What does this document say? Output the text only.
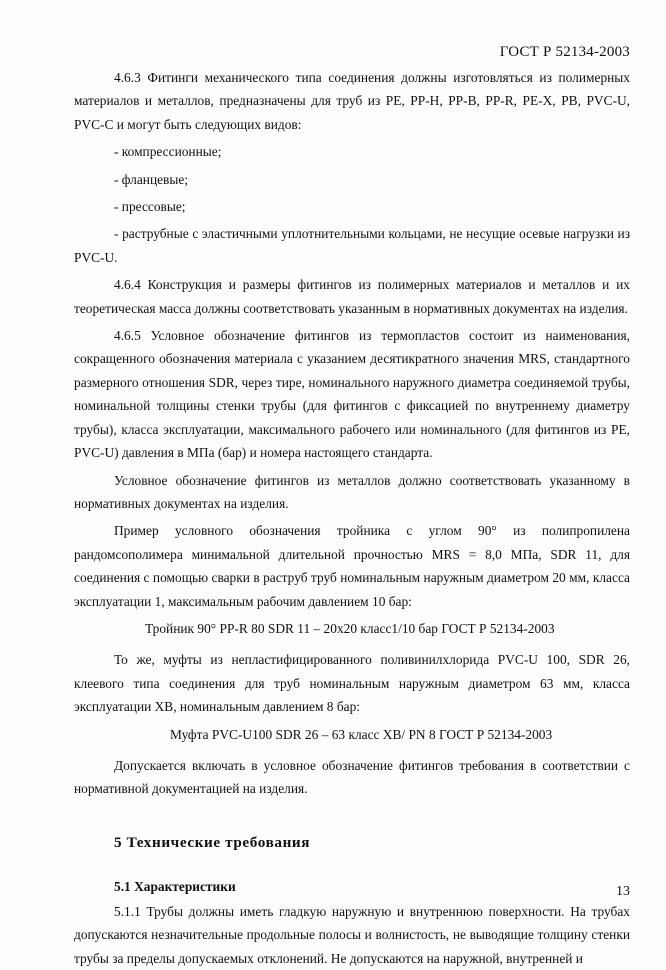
ГОСТ Р 52134-2003

4.6.3 Фитинги механического типа соединения должны изготовляться из полимерных материалов и металлов, предназначены для труб из PE, PP-H, PP-B, PP-R, PE-X, PB, PVC-U, PVC-C и могут быть следующих видов:

- компрессионные;

- фланцевые;

- прессовые;

- раструбные с эластичными уплотнительными кольцами, не несущие осевые нагрузки из PVC-U.

4.6.4 Конструкция и размеры фитингов из полимерных материалов и металлов и их теоретическая масса должны соответствовать указанным в нормативных документах на изделия.

4.6.5 Условное обозначение фитингов из термопластов состоит из наименования, сокращенного обозначения материала с указанием десятикратного значения MRS, стандартного размерного отношения SDR, через тире, номинального наружного диаметра соединяемой трубы, номинальной толщины стенки трубы (для фитингов с фиксацией по внутреннему диаметру трубы), класса эксплуатации, максимального рабочего или номинального (для фитингов из PE, PVC-U) давления в МПа (бар) и номера настоящего стандарта.

Условное обозначение фитингов из металлов должно соответствовать указанному в нормативных документах на изделия.

Пример условного обозначения тройника с углом 90° из полипропилена рандомсополимера минимальной длительной прочностью MRS = 8,0 МПа, SDR 11, для соединения с помощью сварки в раструб труб номинальным наружным диаметром 20 мм, класса эксплуатации 1, максимальным рабочим давлением 10 бар:

Тройник 90° PP-R 80 SDR 11 – 20х20 класс1/10 бар ГОСТ Р 52134-2003

То же, муфты из непластифицированного поливинилхлорида PVC-U 100, SDR 26, клеевого типа соединения для труб номинальным наружным диаметром 63 мм, класса эксплуатации ХВ, номинальным давлением 8 бар:

Муфта PVC-U100 SDR 26 – 63 класс ХВ/ PN 8 ГОСТ Р 52134-2003

Допускается включать в условное обозначение фитингов требования в соответствии с нормативной документацией на изделия.

5 Технические требования
5.1 Характеристики

5.1.1 Трубы должны иметь гладкую наружную и внутреннюю поверхности. На трубах допускаются незначительные продольные полосы и волнистость, не выводящие толщину стенки трубы за пределы допускаемых отклонений. Не допускаются на наружной, внутренней и

13
